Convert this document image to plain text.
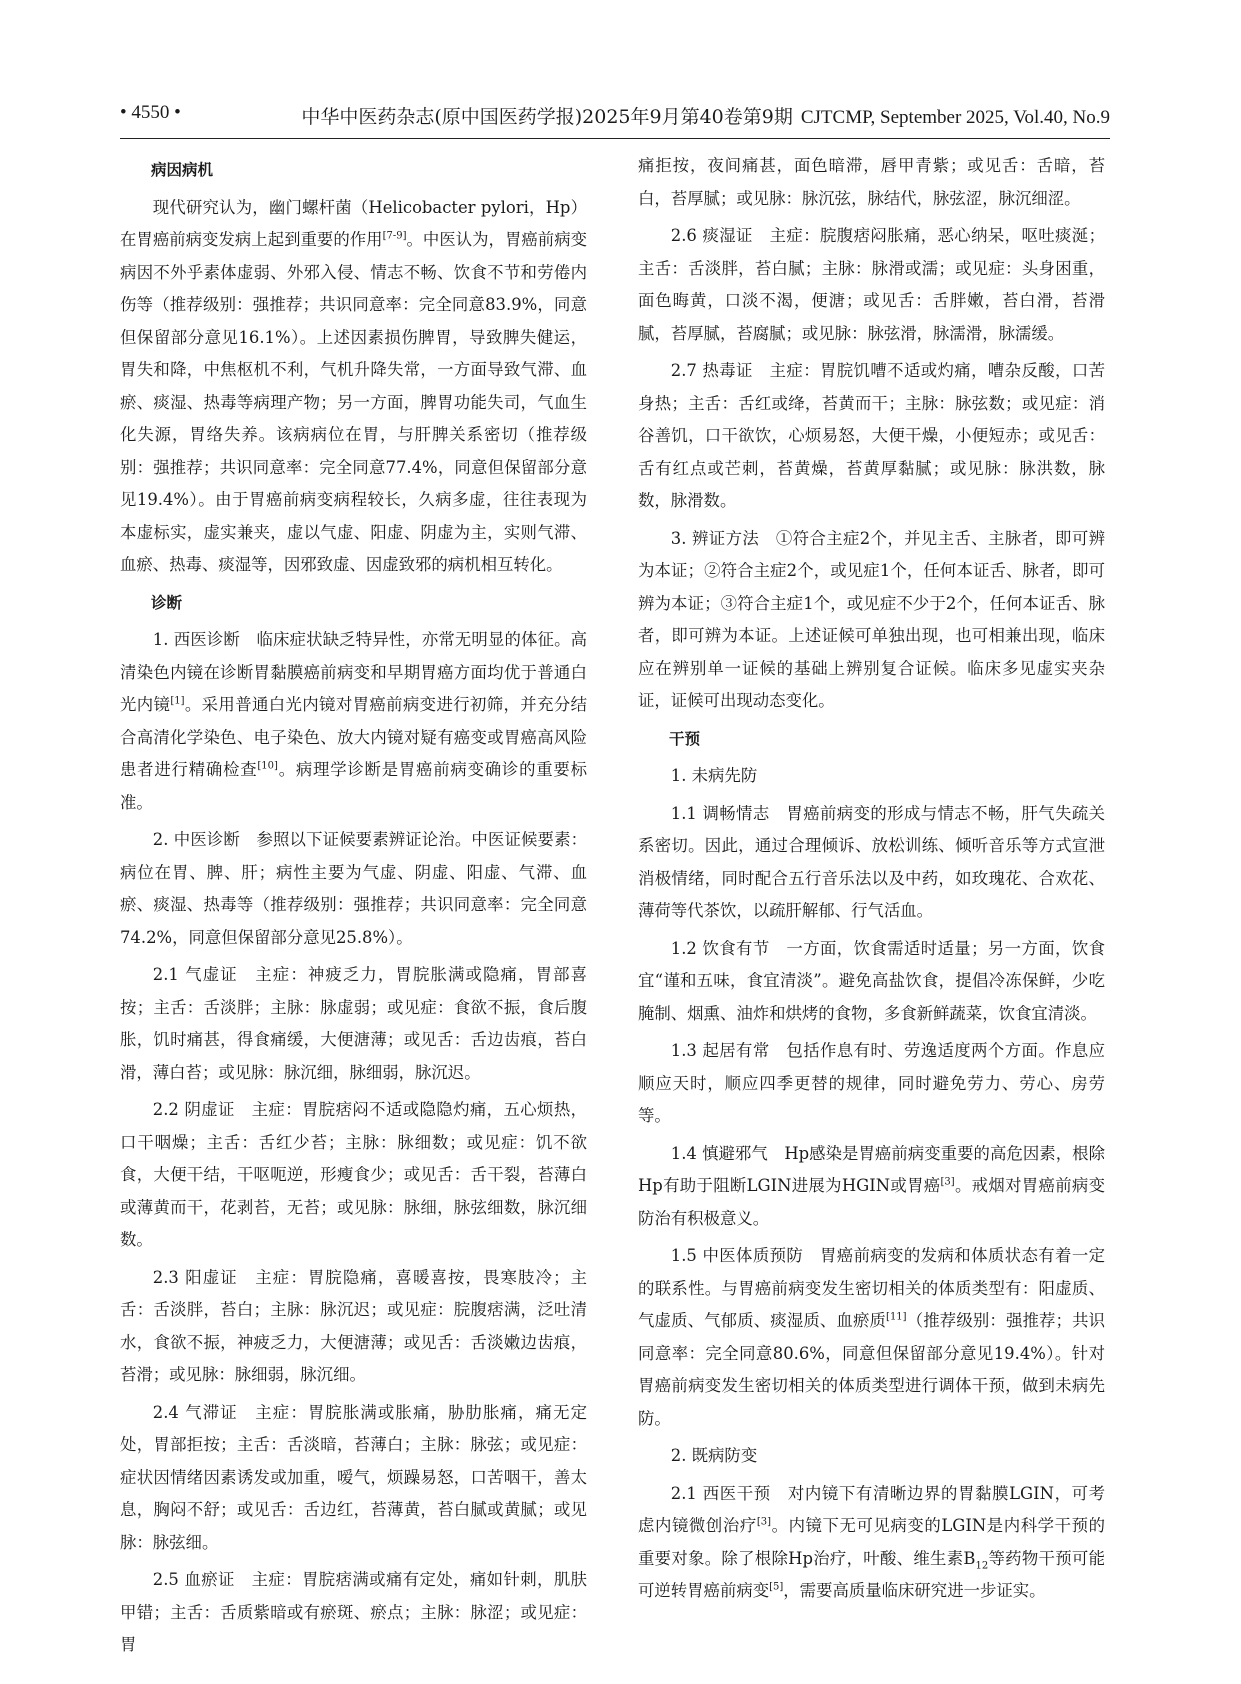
• 4550 •	中华中医药杂志(原中国医药学报)2025年9月第40卷第9期 CJTCMP, September 2025, Vol.40, No.9

病因病机

现代研究认为，幽门螺杆菌（Helicobacter pylori，Hp）在胃癌前病变发病上起到重要的作用[7-9]。中医认为，胃癌前病变病因不外乎素体虚弱、外邪入侵、情志不畅、饮食不节和劳倦内伤等（推荐级别：强推荐；共识同意率：完全同意83.9%，同意但保留部分意见16.1%）。上述因素损伤脾胃，导致脾失健运，胃失和降，中焦枢机不利，气机升降失常，一方面导致气滞、血瘀、痰湿、热毒等病理产物；另一方面，脾胃功能失司，气血生化失源，胃络失养。该病病位在胃，与肝脾关系密切（推荐级别：强推荐；共识同意率：完全同意77.4%，同意但保留部分意见19.4%）。由于胃癌前病变病程较长，久病多虚，往往表现为本虚标实，虚实兼夹，虚以气虚、阳虚、阴虚为主，实则气滞、血瘀、热毒、痰湿等，因邪致虚、因虚致邪的病机相互转化。

诊断

1. 西医诊断　临床症状缺乏特异性，亦常无明显的体征。高清染色内镜在诊断胃黏膜癌前病变和早期胃癌方面均优于普通白光内镜[1]。采用普通白光内镜对胃癌前病变进行初筛，并充分结合高清化学染色、电子染色、放大内镜对疑有癌变或胃癌高风险患者进行精确检查[10]。病理学诊断是胃癌前病变确诊的重要标准。

2. 中医诊断　参照以下证候要素辨证论治。中医证候要素：病位在胃、脾、肝；病性主要为气虚、阴虚、阳虚、气滞、血瘀、痰湿、热毒等（推荐级别：强推荐；共识同意率：完全同意74.2%，同意但保留部分意见25.8%）。

2.1 气虚证　主症：神疲乏力，胃脘胀满或隐痛，胃部喜按；主舌：舌淡胖；主脉：脉虚弱；或见症：食欲不振，食后腹胀，饥时痛甚，得食痛缓，大便溏薄；或见舌：舌边齿痕，苔白滑，薄白苔；或见脉：脉沉细，脉细弱，脉沉迟。

2.2 阴虚证　主症：胃脘痞闷不适或隐隐灼痛，五心烦热，口干咽燥；主舌：舌红少苔；主脉：脉细数；或见症：饥不欲食，大便干结，干呕呃逆，形瘦食少；或见舌：舌干裂，苔薄白或薄黄而干，花剥苔，无苔；或见脉：脉细，脉弦细数，脉沉细数。

2.3 阳虚证　主症：胃脘隐痛，喜暖喜按，畏寒肢冷；主舌：舌淡胖，苔白；主脉：脉沉迟；或见症：脘腹痞满，泛吐清水，食欲不振，神疲乏力，大便溏薄；或见舌：舌淡嫩边齿痕，苔滑；或见脉：脉细弱，脉沉细。

2.4 气滞证　主症：胃脘胀满或胀痛，胁肋胀痛，痛无定处，胃部拒按；主舌：舌淡暗，苔薄白；主脉：脉弦；或见症：症状因情绪因素诱发或加重，嗳气，烦躁易怒，口苦咽干，善太息，胸闷不舒；或见舌：舌边红，苔薄黄，苔白腻或黄腻；或见脉：脉弦细。

2.5 血瘀证　主症：胃脘痞满或痛有定处，痛如针刺，肌肤甲错；主舌：舌质紫暗或有瘀斑、瘀点；主脉：脉涩；或见症：胃

痛拒按，夜间痛甚，面色暗滞，唇甲青紫；或见舌：舌暗，苔白，苔厚腻；或见脉：脉沉弦，脉结代，脉弦涩，脉沉细涩。

2.6 痰湿证　主症：脘腹痞闷胀痛，恶心纳呆，呕吐痰涎；主舌：舌淡胖，苔白腻；主脉：脉滑或濡；或见症：头身困重，面色晦黄，口淡不渴，便溏；或见舌：舌胖嫩，苔白滑，苔滑腻，苔厚腻，苔腐腻；或见脉：脉弦滑，脉濡滑，脉濡缓。

2.7 热毒证　主症：胃脘饥嘈不适或灼痛，嘈杂反酸，口苦身热；主舌：舌红或绛，苔黄而干；主脉：脉弦数；或见症：消谷善饥，口干欲饮，心烦易怒，大便干燥，小便短赤；或见舌：舌有红点或芒刺，苔黄燥，苔黄厚黏腻；或见脉：脉洪数，脉数，脉滑数。

3. 辨证方法　①符合主症2个，并见主舌、主脉者，即可辨为本证；②符合主症2个，或见症1个，任何本证舌、脉者，即可辨为本证；③符合主症1个，或见症不少于2个，任何本证舌、脉者，即可辨为本证。上述证候可单独出现，也可相兼出现，临床应在辨别单一证候的基础上辨别复合证候。临床多见虚实夹杂证，证候可出现动态变化。

干预

1. 未病先防

1.1 调畅情志　胃癌前病变的形成与情志不畅，肝气失疏关系密切。因此，通过合理倾诉、放松训练、倾听音乐等方式宣泄消极情绪，同时配合五行音乐法以及中药，如玫瑰花、合欢花、薄荷等代茶饮，以疏肝解郁、行气活血。

1.2 饮食有节　一方面，饮食需适时适量；另一方面，饮食宜“谨和五味，食宜清淡”。避免高盐饮食，提倡冷冻保鲜，少吃腌制、烟熏、油炸和烘烤的食物，多食新鲜蔬菜，饮食宜清淡。

1.3 起居有常　包括作息有时、劳逸适度两个方面。作息应顺应天时，顺应四季更替的规律，同时避免劳力、劳心、房劳等。

1.4 慎避邪气　Hp感染是胃癌前病变重要的高危因素，根除Hp有助于阻断LGIN进展为HGIN或胃癌[3]。戒烟对胃癌前病变防治有积极意义。

1.5 中医体质预防　胃癌前病变的发病和体质状态有着一定的联系性。与胃癌前病变发生密切相关的体质类型有：阳虚质、气虚质、气郁质、痰湿质、血瘀质[11]（推荐级别：强推荐；共识同意率：完全同意80.6%，同意但保留部分意见19.4%）。针对胃癌前病变发生密切相关的体质类型进行调体干预，做到未病先防。

2. 既病防变

2.1 西医干预　对内镜下有清晰边界的胃黏膜LGIN，可考虑内镜微创治疗[3]。内镜下无可见病变的LGIN是内科学干预的重要对象。除了根除Hp治疗，叶酸、维生素$B_{12}$等药物干预可能可逆转胃癌前病变[5]，需要高质量临床研究进一步证实。
